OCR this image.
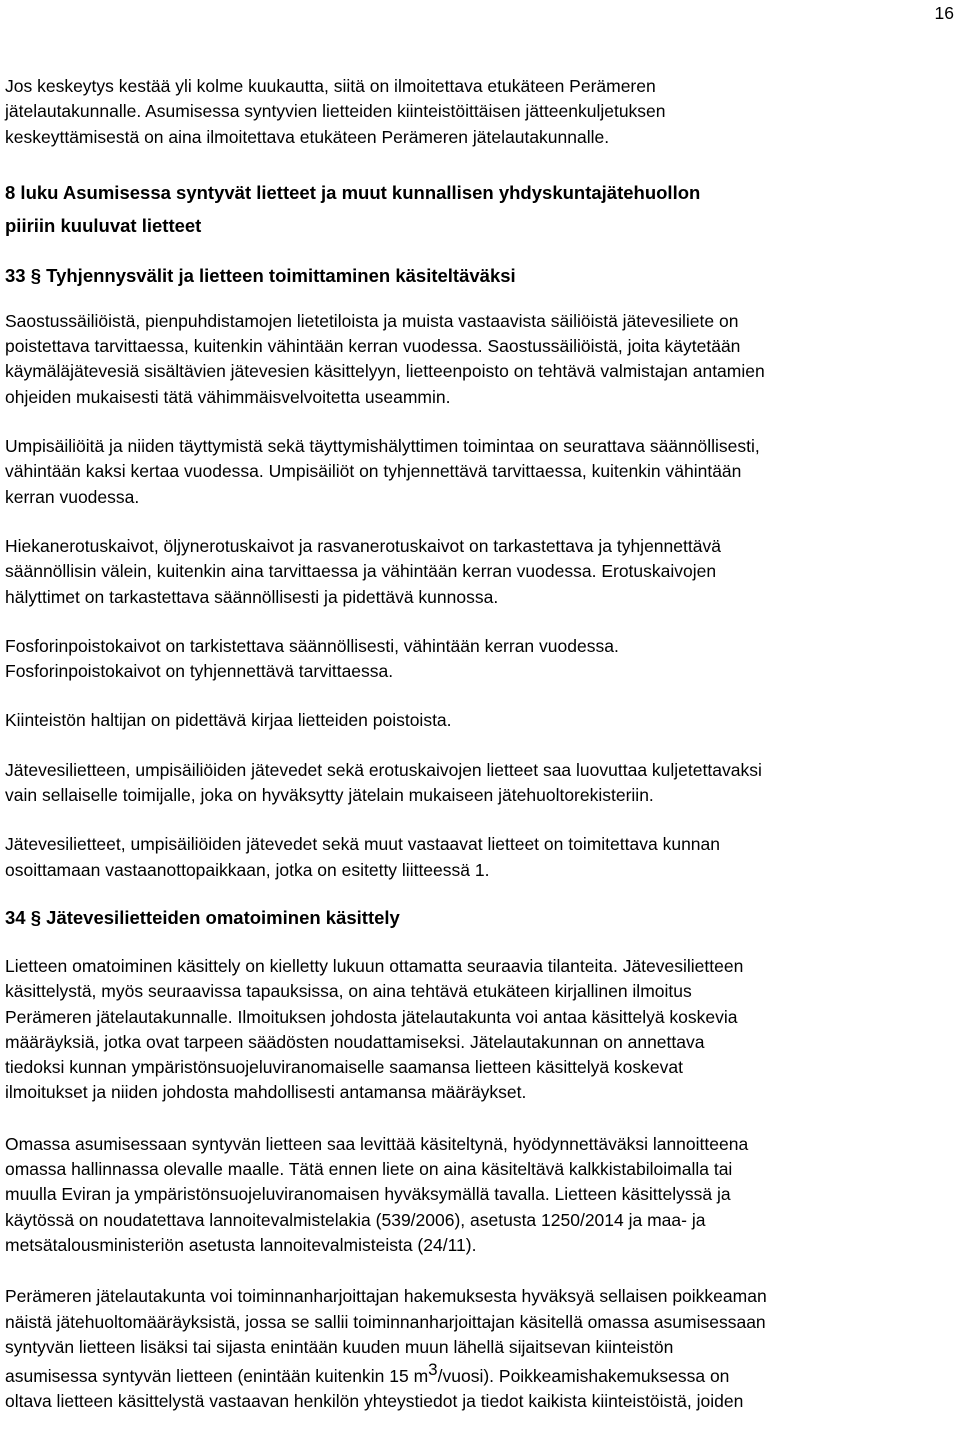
16

Jos keskeytys kestää yli kolme kuukautta, siitä on ilmoitettava etukäteen Perämeren
jätelautakunnalle. Asumisessa syntyvien lietteiden kiinteistöittäisen jätteenkuljetuksen
keskeyttämisestä on aina ilmoitettava etukäteen Perämeren jätelautakunnalle.

8 luku Asumisessa syntyvät lietteet ja muut kunnallisen yhdyskuntajätehuollon
piiriin kuuluvat lietteet
33 § Tyhjennysvälit ja lietteen toimittaminen käsiteltäväksi

Saostussäiliöistä, pienpuhdistamojen lietetiloista ja muista vastaavista säiliöistä jätevesiliete on
poistettava tarvittaessa, kuitenkin vähintään kerran vuodessa. Saostussäiliöistä, joita käytetään
käymäläjätevesiä sisältävien jätevesien käsittelyyn, lietteenpoisto on tehtävä valmistajan antamien
ohjeiden mukaisesti tätä vähimmäisvelvoitetta useammin.

Umpisäiliöitä ja niiden täyttymistä sekä täyttymishälyttimen toimintaa on seurattava säännöllisesti,
vähintään kaksi kertaa vuodessa. Umpisäiliöt on tyhjennettävä tarvittaessa, kuitenkin vähintään
kerran vuodessa.

Hiekanerotuskaivot, öljynerotuskaivot ja rasvanerotuskaivot on tarkastettava ja tyhjennettävä
säännöllisin välein, kuitenkin aina tarvittaessa ja vähintään kerran vuodessa. Erotuskaivojen
hälyttimet on tarkastettava säännöllisesti ja pidettävä kunnossa.

Fosforinpoistokaivot on tarkistettava säännöllisesti, vähintään kerran vuodessa.
Fosforinpoistokaivot on tyhjennettävä tarvittaessa.

Kiinteistön haltijan on pidettävä kirjaa lietteiden poistoista.

Jätevesilietteen, umpisäiliöiden jätevedet sekä erotuskaivojen lietteet saa luovuttaa kuljetettavaksi
vain sellaiselle toimijalle, joka on hyväksytty jätelain mukaiseen jätehuoltorekisteriin.

Jätevesilietteet, umpisäiliöiden jätevedet sekä muut vastaavat lietteet on toimitettava kunnan
osoittamaan vastaanottopaikkaan, jotka on esitetty liitteessä 1.

34 § Jätevesilietteiden omatoiminen käsittely

Lietteen omatoiminen käsittely on kielletty lukuun ottamatta seuraavia tilanteita. Jätevesilietteen
käsittelystä, myös seuraavissa tapauksissa, on aina tehtävä etukäteen kirjallinen ilmoitus
Perämeren jätelautakunnalle. Ilmoituksen johdosta jätelautakunta voi antaa käsittelyä koskevia
määräyksiä, jotka ovat tarpeen säädösten noudattamiseksi. Jätelautakunnan on annettava
tiedoksi kunnan ympäristönsuojeluviranomaiselle saamansa lietteen käsittelyä koskevat
ilmoitukset ja niiden johdosta mahdollisesti antamansa määräykset.

Omassa asumisessaan syntyvän lietteen saa levittää käsiteltynä, hyödynnettäväksi lannoitteena
omassa hallinnassa olevalle maalle. Tätä ennen liete on aina käsiteltävä kalkkistabiloimalla tai
muulla Eviran ja ympäristönsuojeluviranomaisen hyväksymällä tavalla. Lietteen käsittelyssä ja
käytössä on noudatettava lannoitevalmistelakia (539/2006), asetusta 1250/2014 ja maa- ja
metsätalousministeriön asetusta lannoitevalmisteista (24/11).

Perämeren jätelautakunta voi toiminnanharjoittajan hakemuksesta hyväksyä sellaisen poikkeaman
näistä jätehuoltomääräyksistä, jossa se sallii toiminnanharjoittajan käsitellä omassa asumisessaan
syntyvän lietteen lisäksi tai sijasta enintään kuuden muun lähellä sijaitsevan kiinteistön
asumisessa syntyvän lietteen (enintään kuitenkin 15 m3/vuosi). Poikkeamishakemuksessa on
oltava lietteen käsittelystä vastaavan henkilön yhteystiedot ja tiedot kaikista kiinteistöistä, joiden
